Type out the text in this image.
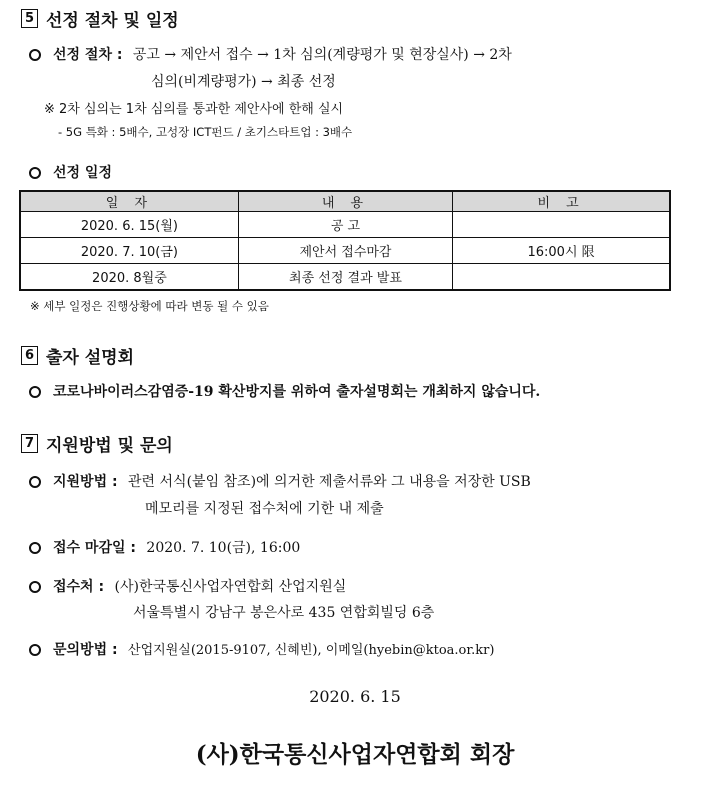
5 선정 절차 및 일정
선정 절차 : 공고 → 제안서 접수 → 1차 심의(계량평가 및 현장실사) → 2차
심의(비계량평가) → 최종 선정
※ 2차 심의는 1차 심의를 통과한 제안사에 한해 실시
- 5G 특화 : 5배수, 고성장 ICT펀드 / 초기스타트업 : 3배수
선정 일정
일 자	내 용	비 고
2020. 6. 15(월)	공 고	
2020. 7. 10(금)	제안서 접수마감	16:00시 限
2020. 8월중	최종 선정 결과 발표	
※ 세부 일정은 진행상황에 따라 변동 될 수 있음
6 출자 설명회
코로나바이러스감염증-19 확산방지를 위하여 출자설명회는 개최하지 않습니다.
7 지원방법 및 문의
지원방법 : 관련 서식(붙임 참조)에 의거한 제출서류와 그 내용을 저장한 USB
메모리를 지정된 접수처에 기한 내 제출
접수 마감일 : 2020. 7. 10(금), 16:00
접수처 : (사)한국통신사업자연합회 산업지원실
서울특별시 강남구 봉은사로 435 연합회빌딩 6층
문의방법 : 산업지원실(2015-9107, 신혜빈), 이메일(hyebin@ktoa.or.kr)
2020. 6. 15
(사)한국통신사업자연합회 회장
